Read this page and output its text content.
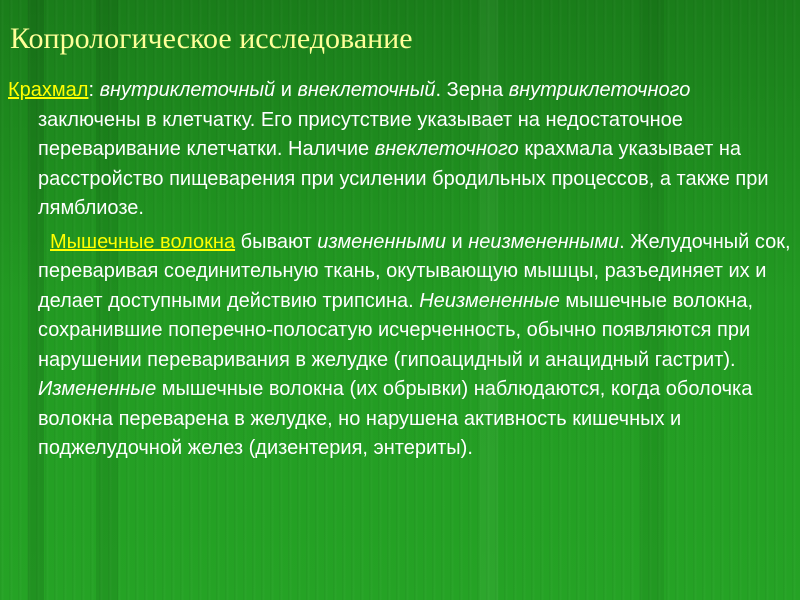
Копрологическое исследование

Крахмал: внутриклеточный и внеклеточный. Зерна внутриклеточного заключены в клетчатку. Его присутствие указывает на недостаточное переваривание клетчатки. Наличие внеклеточного крахмала указывает на расстройство пищеварения при усилении бродильных процессов, а также при лямблиозе.

Мышечные волокна бывают измененными и неизмененными. Желудочный сок, переваривая соединительную ткань, окутывающую мышцы, разъединяет их и делает доступными действию трипсина. Неизмененные мышечные волокна, сохранившие поперечно-полосатую исчерченность, обычно появляются при нарушении переваривания в желудке (гипоацидный и анацидный гастрит). Измененные мышечные волокна (их обрывки) наблюдаются, когда оболочка волокна переварена в желудке, но нарушена активность кишечных и поджелудочной желез (дизентерия, энтериты).
